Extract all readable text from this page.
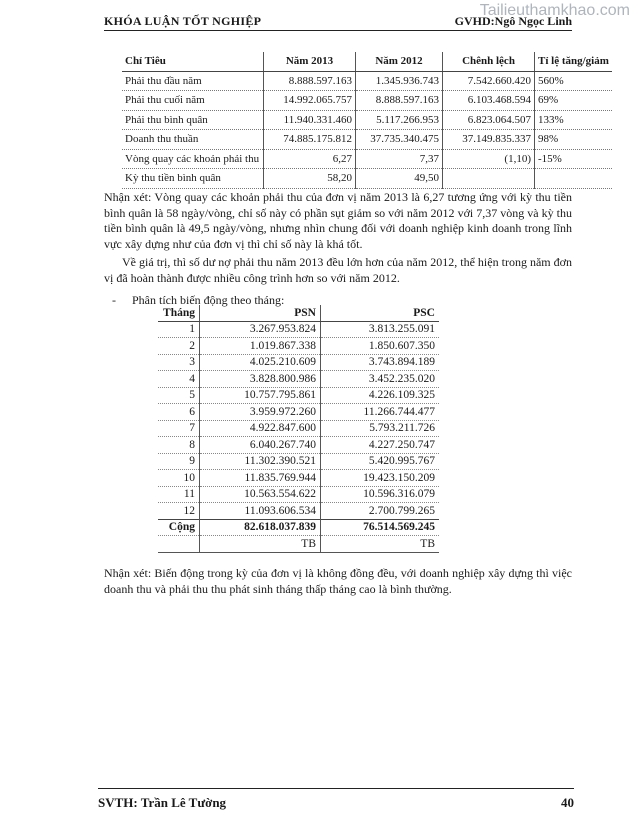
KHÓA LUẬN TỐT NGHIỆP	GVHD:Ngô Ngọc Linh
Tailieuthamkhao.com
Chỉ Tiêu	Năm 2013	Năm 2012	Chênh lệch	Tỉ lệ tăng/giảm
Phải thu đầu năm	8.888.597.163	1.345.936.743	7.542.660.420	560%
Phải thu cuối năm	14.992.065.757	8.888.597.163	6.103.468.594	69%
Phải thu bình quân	11.940.331.460	5.117.266.953	6.823.064.507	133%
Doanh thu thuần	74.885.175.812	37.735.340.475	37.149.835.337	98%
Vòng quay các khoản phải thu	6,27	7,37	(1,10)	-15%
Kỳ thu tiền bình quân	58,20	49,50		
Nhận xét: Vòng quay các khoản phải thu của đơn vị năm 2013 là 6,27 tương ứng với kỳ thu tiền bình quân là 58 ngày/vòng, chỉ số này có phần sụt giảm so với năm 2012 với 7,37 vòng và kỳ thu tiền bình quân là 49,5 ngày/vòng, nhưng nhìn chung đối với doanh nghiệp kinh doanh trong lĩnh vực xây dựng như của đơn vị thì chỉ số này là khá tốt.
Về giá trị, thì số dư nợ phải thu năm 2013 đều lớn hơn của năm 2012, thể hiện trong năm đơn vị đã hoàn thành được nhiều công trình hơn so với năm 2012.
- Phân tích biến động theo tháng:
Tháng	PSN	PSC
1	3.267.953.824	3.813.255.091
2	1.019.867.338	1.850.607.350
3	4.025.210.609	3.743.894.189
4	3.828.800.986	3.452.235.020
5	10.757.795.861	4.226.109.325
6	3.959.972.260	11.266.744.477
7	4.922.847.600	5.793.211.726
8	6.040.267.740	4.227.250.747
9	11.302.390.521	5.420.995.767
10	11.835.769.944	19.423.150.209
11	10.563.554.622	10.596.316.079
12	11.093.606.534	2.700.799.265
Cộng	82.618.037.839	76.514.569.245
	TB	TB
Nhận xét: Biến động trong kỳ của đơn vị là không đồng đều, với doanh nghiệp xây dựng thì việc doanh thu và phải thu thu phát sinh tháng thấp tháng cao là bình thường.
SVTH: Trần Lê Tường	40
